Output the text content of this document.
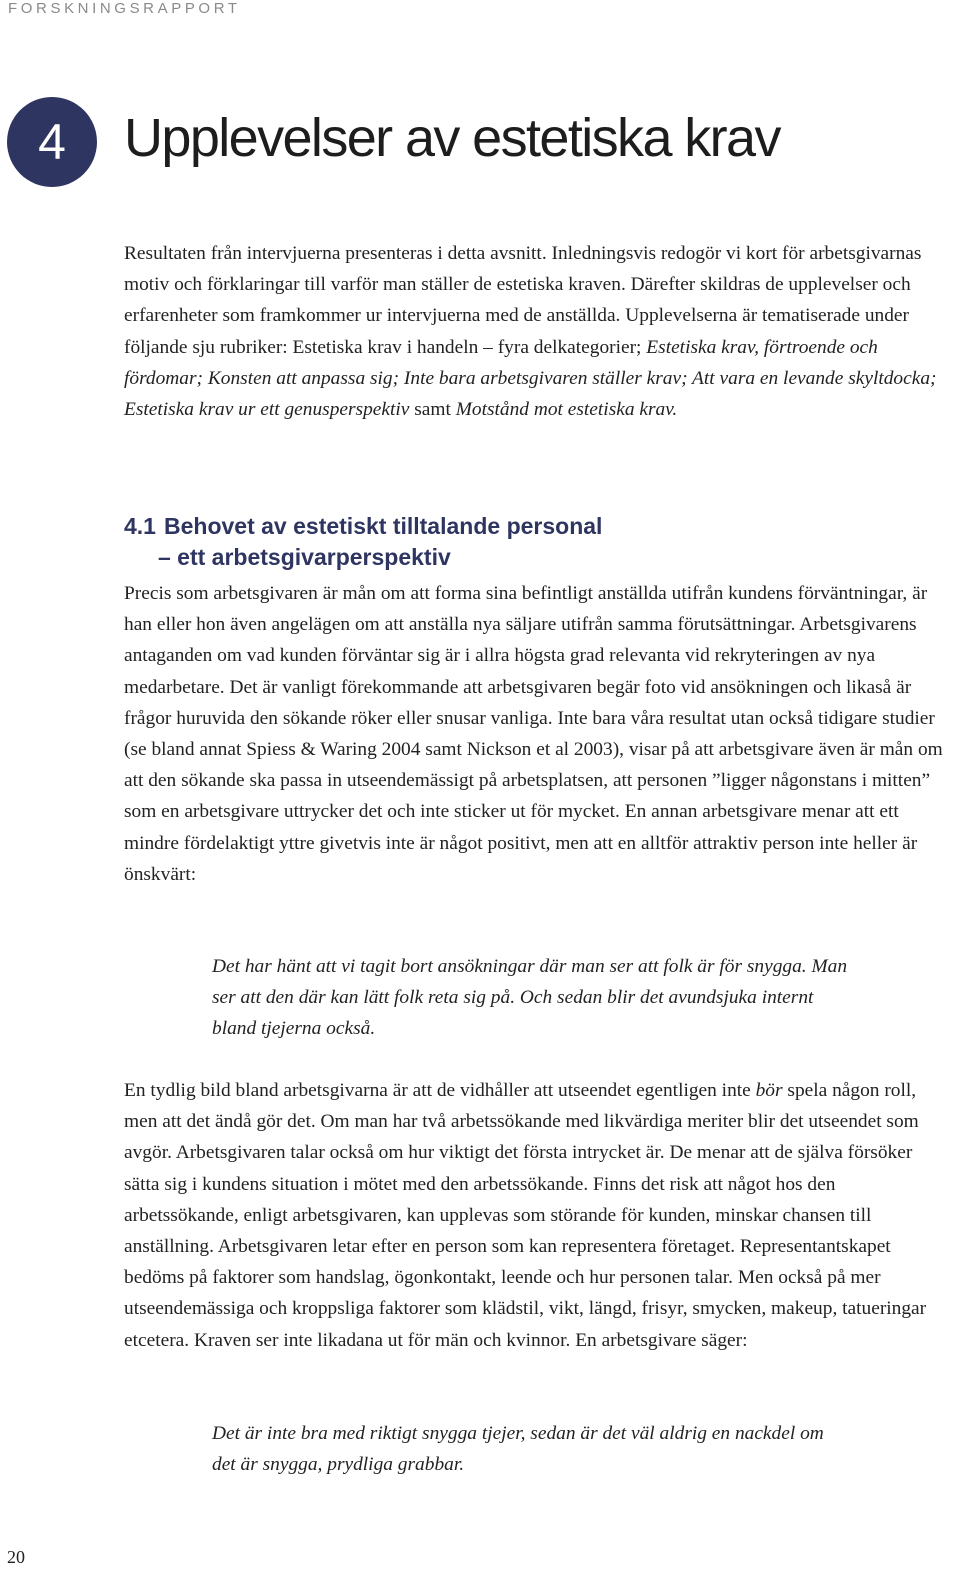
FORSKNINGSRAPPORT
4 Upplevelser av estetiska krav

Resultaten från intervjuerna presenteras i detta avsnitt. Inledningsvis redogör vi kort för arbetsgivarnas motiv och förklaringar till varför man ställer de estetiska kraven. Därefter skildras de upplevelser och erfarenheter som framkommer ur intervjuerna med de anställda. Upplevelserna är tematiserade under följande sju rubriker: Estetiska krav i handeln – fyra delkategorier; Estetiska krav, förtroende och fördomar; Konsten att anpassa sig; Inte bara arbetsgivaren ställer krav; Att vara en levande skyltdocka; Estetiska krav ur ett genusperspektiv samt Motstånd mot estetiska krav.

4.1 Behovet av estetiskt tilltalande personal
– ett arbetsgivarperspektiv

Precis som arbetsgivaren är mån om att forma sina befintligt anställda utifrån kundens förväntningar, är han eller hon även angelägen om att anställa nya säljare utifrån samma förutsättningar. Arbetsgivarens antaganden om vad kunden förväntar sig är i allra högsta grad relevanta vid rekryteringen av nya medarbetare. Det är vanligt förekommande att arbetsgivaren begär foto vid ansökningen och likaså är frågor huruvida den sökande röker eller snusar vanliga. Inte bara våra resultat utan också tidigare studier (se bland annat Spiess & Waring 2004 samt Nickson et al 2003), visar på att arbetsgivare även är mån om att den sökande ska passa in utseendemässigt på arbetsplatsen, att personen ”ligger någonstans i mitten” som en arbetsgivare uttrycker det och inte sticker ut för mycket. En annan arbetsgivare menar att ett mindre fördelaktigt yttre givetvis inte är något positivt, men att en alltför attraktiv person inte heller är önskvärt:

Det har hänt att vi tagit bort ansökningar där man ser att folk är för snygga. Man ser att den där kan lätt folk reta sig på. Och sedan blir det avundsjuka internt bland tjejerna också.

En tydlig bild bland arbetsgivarna är att de vidhåller att utseendet egentligen inte bör spela någon roll, men att det ändå gör det. Om man har två arbetssökande med likvärdiga meriter blir det utseendet som avgör. Arbetsgivaren talar också om hur viktigt det första intrycket är. De menar att de själva försöker sätta sig i kundens situation i mötet med den arbetssökande. Finns det risk att något hos den arbetssökande, enligt arbetsgivaren, kan upplevas som störande för kunden, minskar chansen till anställning. Arbetsgivaren letar efter en person som kan representera företaget. Representantskapet bedöms på faktorer som handslag, ögonkontakt, leende och hur personen talar. Men också på mer utseendemässiga och kroppsliga faktorer som klädstil, vikt, längd, frisyr, smycken, makeup, tatueringar etcetera. Kraven ser inte likadana ut för män och kvinnor. En arbetsgivare säger:

Det är inte bra med riktigt snygga tjejer, sedan är det väl aldrig en nackdel om det är snygga, prydliga grabbar.

20
